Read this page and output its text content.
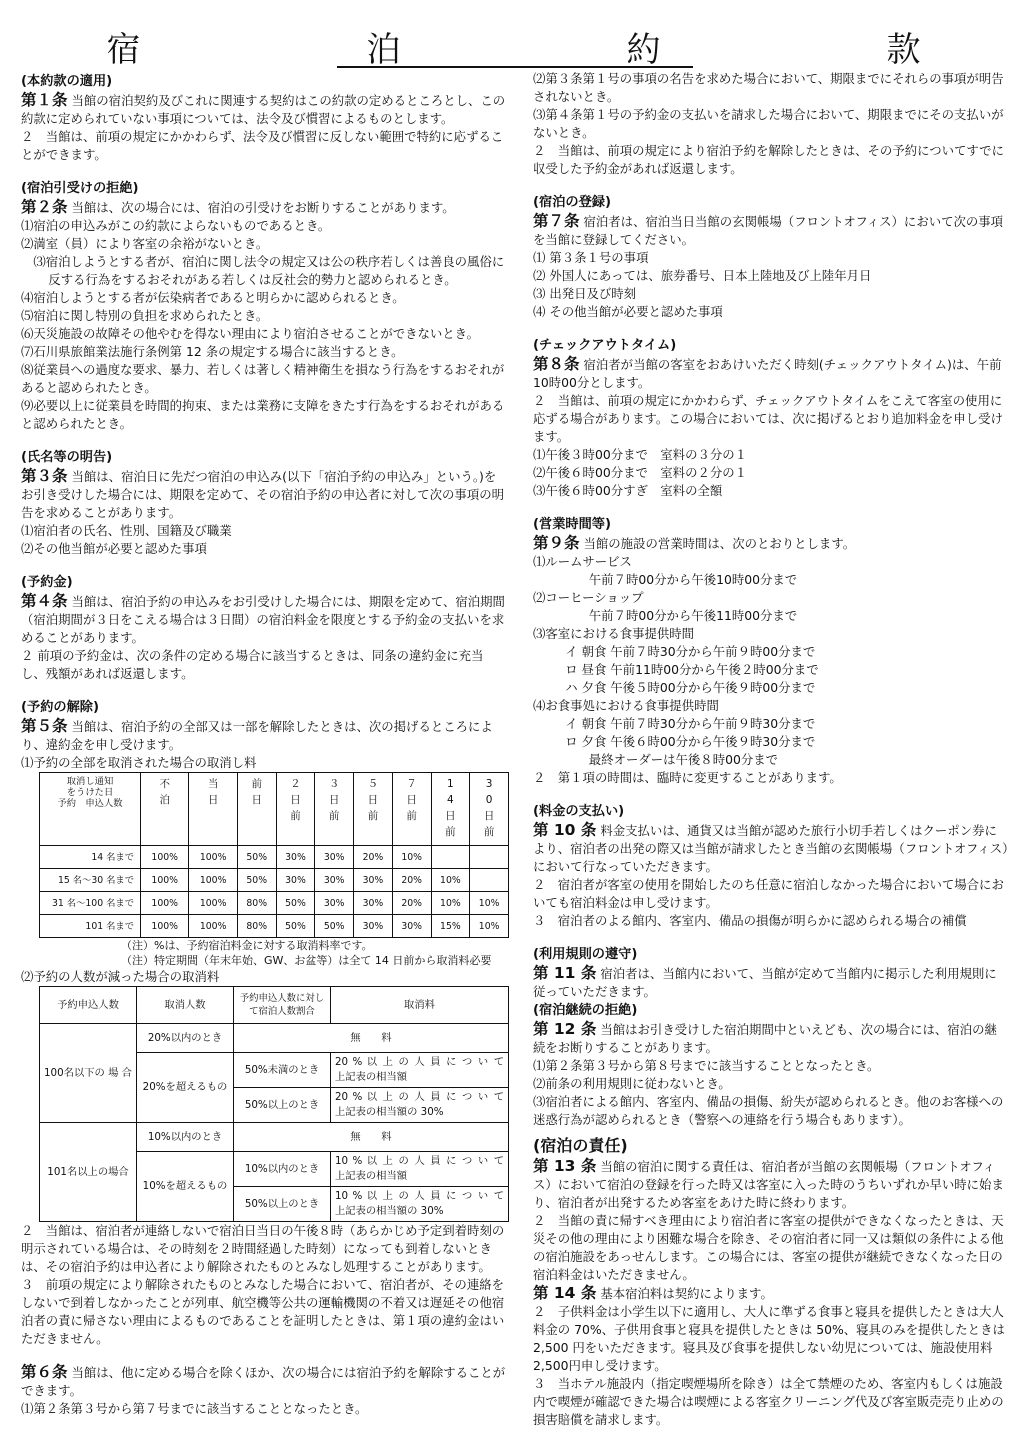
宿　泊　約　款
(本約款の適用)

第１条 当館の宿泊契約及びこれに関連する契約はこの約款の定めるところとし、この約款に定められていない事項については、法令及び慣習によるものとします。

２　当館は、前項の規定にかかわらず、法令及び慣習に反しない範囲で特約に応ずることができます。

(宿泊引受けの拒絶)

第２条 当館は、次の場合には、宿泊の引受けをお断りすることがあります。

⑴宿泊の申込みがこの約款によらないものであるとき。

⑵満室（員）により客室の余裕がないとき。

⑶宿泊しようとする者が、宿泊に関し法令の規定又は公の秩序若しくは善良の風俗に反する行為をするおそれがある若しくは反社会的勢力と認められるとき。

⑷宿泊しようとする者が伝染病者であると明らかに認められるとき。

⑸宿泊に関し特別の負担を求められたとき。

⑹天災施設の故障その他やむを得ない理由により宿泊させることができないとき。

⑺石川県旅館業法施行条例第 12 条の規定する場合に該当するとき。

⑻従業員への過度な要求、暴力、若しくは著しく精神衛生を損なう行為をするおそれがあると認められたとき。

⑼必要以上に従業員を時間的拘束、または業務に支障をきたす行為をするおそれがあると認められたとき。

(氏名等の明告)

第３条 当館は、宿泊日に先だつ宿泊の申込み(以下「宿泊予約の申込み」という。)をお引き受けした場合には、期限を定めて、その宿泊予約の申込者に対して次の事項の明告を求めることがあります。

⑴宿泊者の氏名、性別、国籍及び職業

⑵その他当館が必要と認めた事項

(予約金)

第４条 当館は、宿泊予約の申込みをお引受けした場合には、期限を定めて、宿泊期間（宿泊期間が３日をこえる場合は３日間）の宿泊料金を限度とする予約金の支払いを求めることがあります。

２ 前項の予約金は、次の条件の定める場合に該当するときは、同条の違約金に充当し、残額があれば返還します。

(予約の解除)

第５条 当館は、宿泊予約の全部又は一部を解除したときは、次の掲げるところにより、違約金を申し受けます。

⑴予約の全部を取消された場合の取消し料

取消し通知
をうけた日
予約　申込人数	不泊	当日	前日	２日前	３日前	５日前	７日前	14日前	30日前
14 名まで	100%	100%	50%	30%	30%	20%	10%		
15 名～30 名まで	100%	100%	50%	30%	30%	30%	20%	10%	
31 名～100 名まで	100%	100%	80%	50%	30%	30%	20%	10%	10%
101 名まで	100%	100%	80%	50%	50%	30%	30%	15%	10%

（注）%は、予約宿泊料金に対する取消料率です。

（注）特定期間（年末年始、GW、お盆等）は全て 14 日前から取消料必要

⑵予約の人数が減った場合の取消料

予約申込人数	取消人数	予約申込人数に対して宿泊人数割合	取消料
100名以下の 場 合	20%以内のとき	無　　料	
	20%を超えるもの	50%未満のとき	20 % 以 上 の 人 員 に つ い て
上記表の相当額

		50%以上のとき	20 % 以 上 の 人 員 に つ い て
上記表の相当額の 30%

101名以上の場合	10%以内のとき	無　　料	
	10%を超えるもの	10%以内のとき	10 % 以 上 の 人 員 に つ い て
上記表の相当額

		50%以上のとき	10 % 以 上 の 人 員 に つ い て
上記表の相当額の 30%

２　当館は、宿泊者が連絡しないで宿泊日当日の午後８時（あらかじめ予定到着時刻の明示されている場合は、その時刻を２時間経過した時刻）になっても到着しないときは、その宿泊予約は申込者により解除されたものとみなし処理することがあります。

３　前項の規定により解除されたものとみなした場合において、宿泊者が、その連絡をしないで到着しなかったことが列車、航空機等公共の運輸機関の不着又は遅延その他宿泊者の責に帰さない理由によるものであることを証明したときは、第１項の違約金はいただきません。

第６条 当館は、他に定める場合を除くほか、次の場合には宿泊予約を解除することができます。

⑴第２条第３号から第７号までに該当することとなったとき。

⑵第３条第１号の事項の名告を求めた場合において、期限までにそれらの事項が明告されないとき。

⑶第４条第１号の予約金の支払いを請求した場合において、期限までにその支払いがないとき。

２　当館は、前項の規定により宿泊予約を解除したときは、その予約についてすでに収受した予約金があれば返還します。

(宿泊の登録)

第７条 宿泊者は、宿泊当日当館の玄関帳場（フロントオフィス）において次の事項を当館に登録してください。

⑴ 第３条１号の事項

⑵ 外国人にあっては、旅券番号、日本上陸地及び上陸年月日

⑶ 出発日及び時刻

⑷ その他当館が必要と認めた事項

(チェックアウトタイム)

第８条 宿泊者が当館の客室をおあけいただく時刻(チェックアウトタイム)は、午前10時00分とします。

２　当館は、前項の規定にかかわらず、チェックアウトタイムをこえて客室の使用に応ずる場合があります。この場合においては、次に掲げるとおり追加料金を申し受けます。

⑴午後３時00分まで　室料の３分の１

⑵午後６時00分まで　室料の２分の１

⑶午後６時00分すぎ　室料の全額

(営業時間等)

第９条 当館の施設の営業時間は、次のとおりとします。

⑴ルームサービス

午前７時00分から午後10時00分まで

⑵コーヒーショップ

午前７時00分から午後11時00分まで

⑶客室における食事提供時間

イ 朝食 午前７時30分から午前９時00分まで

ロ 昼食 午前11時00分から午後２時00分まで

ハ 夕食 午後５時00分から午後９時00分まで

⑷お食事処における食事提供時間

イ 朝食 午前７時30分から午前９時30分まで

ロ 夕食 午後６時00分から午後９時30分まで

最終オーダーは午後８時00分まで

２　第１項の時間は、臨時に変更することがあります。

(料金の支払い)

第 10 条 料金支払いは、通貨又は当館が認めた旅行小切手若しくはクーポン券により、宿泊者の出発の際又は当館が請求したとき当館の玄関帳場（フロントオフィス）において行なっていただきます。

２　宿泊者が客室の使用を開始したのち任意に宿泊しなかった場合において場合においても宿泊料金は申し受けます。

３　宿泊者のよる館内、客室内、備品の損傷が明らかに認められる場合の補償

(利用規則の遵守)

第 11 条 宿泊者は、当館内において、当館が定めて当館内に掲示した利用規則に従っていただきます。

(宿泊継続の拒絶)

第 12 条 当館はお引き受けした宿泊期間中といえども、次の場合には、宿泊の継続をお断りすることがあります。

⑴第２条第３号から第８号までに該当することとなったとき。

⑵前条の利用規則に従わないとき。

⑶宿泊者による館内、客室内、備品の損傷、紛失が認められるとき。他のお客様への迷惑行為が認められるとき（警察への連絡を行う場合もあります）。

(宿泊の責任)

第 13 条 当館の宿泊に関する責任は、宿泊者が当館の玄関帳場（フロントオフィス）において宿泊の登録を行った時又は客室に入った時のうちいずれか早い時に始まり、宿泊者が出発するため客室をあけた時に終わります。

２　当館の責に帰すべき理由により宿泊者に客室の提供ができなくなったときは、天災その他の理由により困難な場合を除き、その宿泊者に同一又は類似の条件による他の宿泊施設をあっせんします。この場合には、客室の提供が継続できなくなった日の宿泊料金はいただきません。

第 14 条 基本宿泊料は契約によります。

２　子供料金は小学生以下に適用し、大人に準ずる食事と寝具を提供したときは大人料金の 70%、子供用食事と寝具を提供したときは 50%、寝具のみを提供したときは 2,500 円をいただきます。寝具及び食事を提供しない幼児については、施設使用料 2,500円申し受けます。

３　当ホテル施設内（指定喫煙場所を除き）は全て禁煙のため、客室内もしくは施設内で喫煙が確認できた場合は喫煙による客室クリーニング代及び客室販売売り止めの損害賠償を請求します。
